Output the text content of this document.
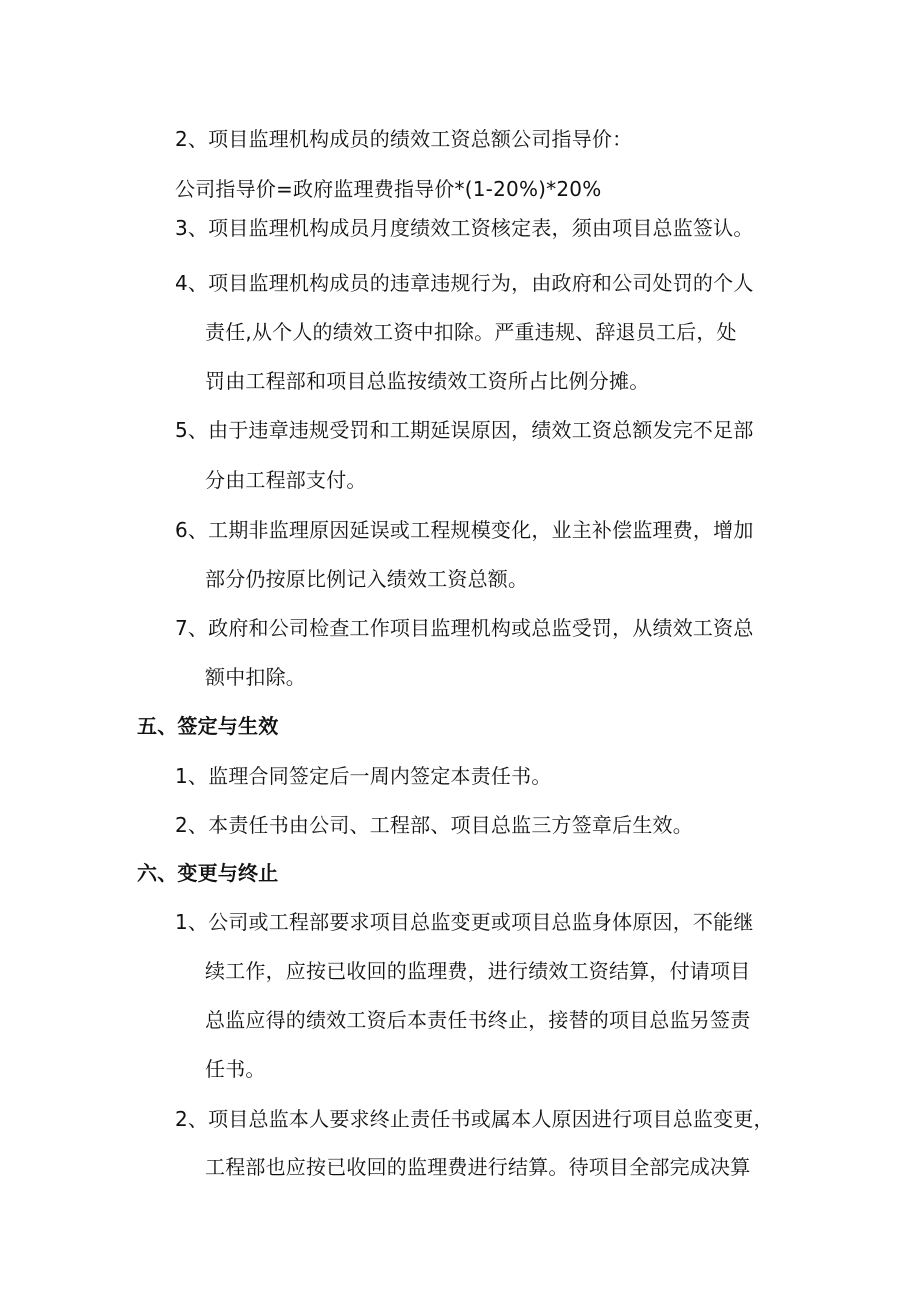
2、项目监理机构成员的绩效工资总额公司指导价：
公司指导价=政府监理费指导价*(1-20%)*20%
3、项目监理机构成员月度绩效工资核定表，须由项目总监签认。
4、项目监理机构成员的违章违规行为，由政府和公司处罚的个人
责任,从个人的绩效工资中扣除。严重违规、辞退员工后，处
罚由工程部和项目总监按绩效工资所占比例分摊。
5、由于违章违规受罚和工期延误原因，绩效工资总额发完不足部
分由工程部支付。
6、工期非监理原因延误或工程规模变化，业主补偿监理费，增加
部分仍按原比例记入绩效工资总额。
7、政府和公司检查工作项目监理机构或总监受罚，从绩效工资总
额中扣除。
五、签定与生效
1、监理合同签定后一周内签定本责任书。
2、本责任书由公司、工程部、项目总监三方签章后生效。
六、变更与终止
1、公司或工程部要求项目总监变更或项目总监身体原因，不能继
续工作，应按已收回的监理费，进行绩效工资结算，付请项目
总监应得的绩效工资后本责任书终止，接替的项目总监另签责
任书。
2、项目总监本人要求终止责任书或属本人原因进行项目总监变更，
工程部也应按已收回的监理费进行结算。待项目全部完成决算
